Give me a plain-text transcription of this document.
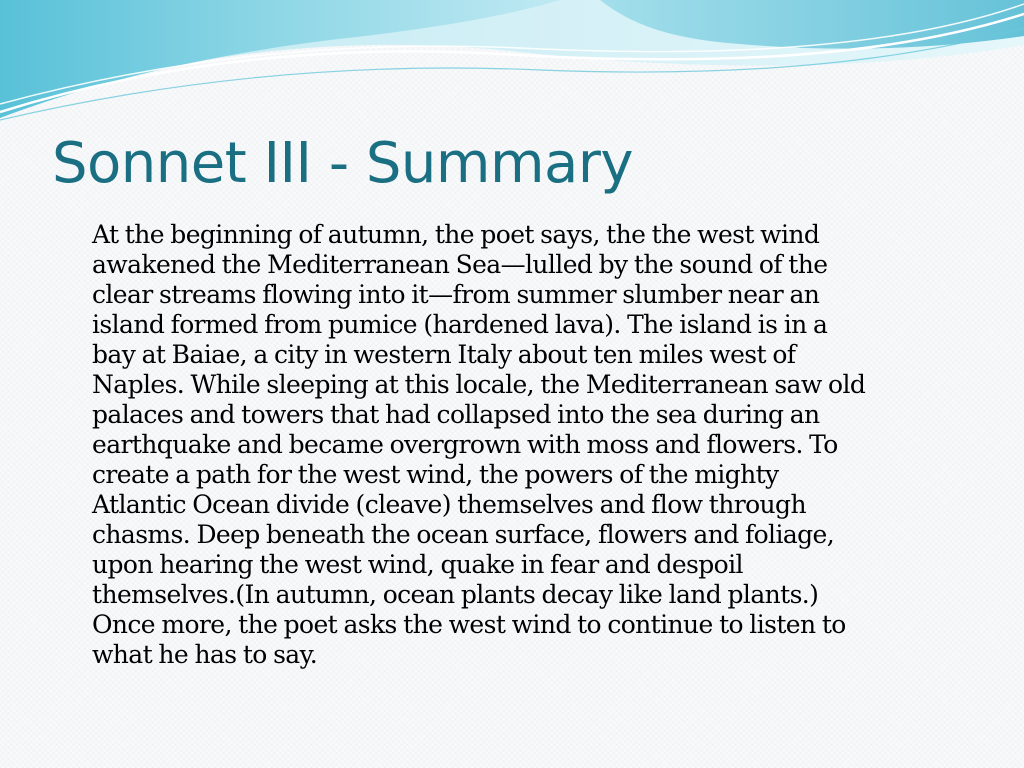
Sonnet III - Summary
At the beginning of autumn, the poet says, the the west wind
awakened the Mediterranean Sea—lulled by the sound of the
clear streams flowing into it—from summer slumber near an
island formed from pumice (hardened lava). The island is in a
bay at Baiae, a city in western Italy about ten miles west of
Naples. While sleeping at this locale, the Mediterranean saw old
palaces and towers that had collapsed into the sea during an
earthquake and became overgrown with moss and flowers. To
create a path for the west wind, the powers of the mighty
Atlantic Ocean divide (cleave) themselves and flow through
chasms. Deep beneath the ocean surface, flowers and foliage,
upon hearing the west wind, quake in fear and despoil
themselves.(In autumn, ocean plants decay like land plants.)
Once more, the poet asks the west wind to continue to listen to
what he has to say.
